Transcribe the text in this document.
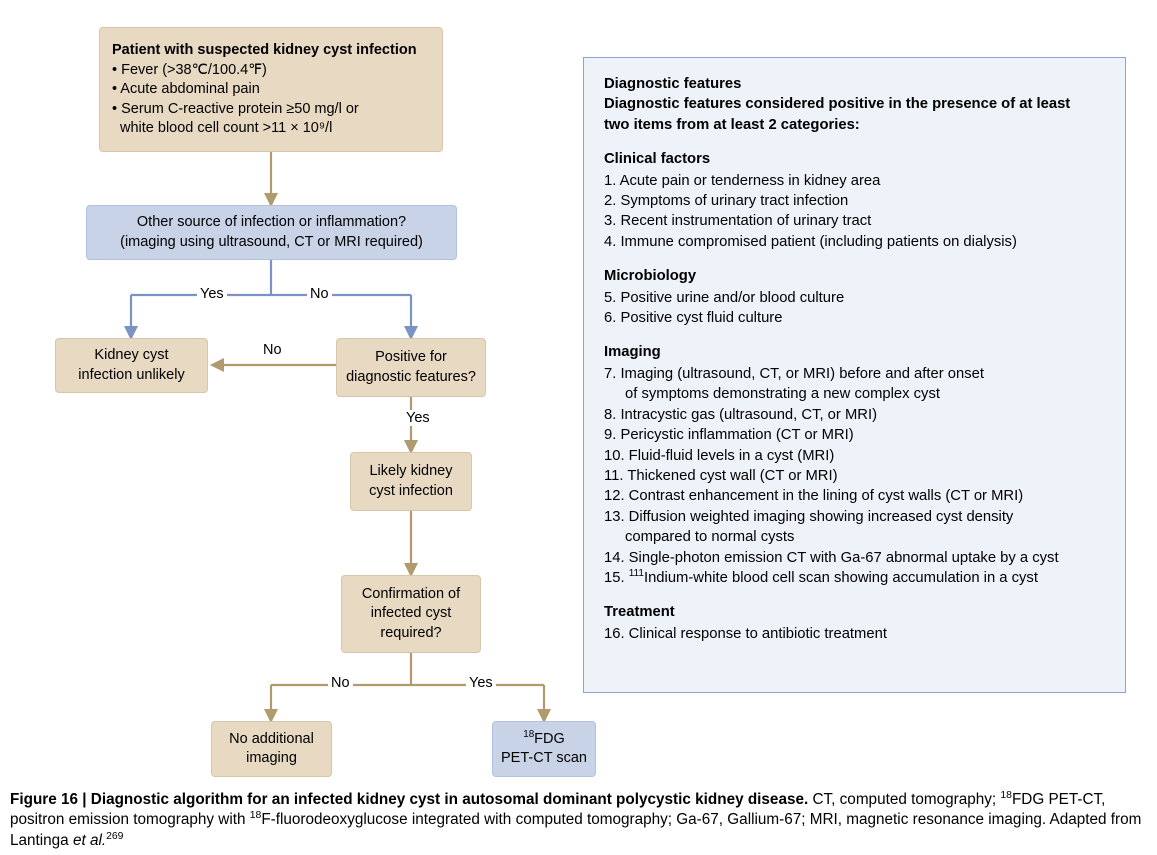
Patient with suspected kidney cyst infection
• Fever (>38℃/100.4℉)
• Acute abdominal pain
• Serum C-reactive protein ≥50 mg/l or
white blood cell count >11 × 10⁹/l
Other source of infection or inflammation?
(imaging using ultrasound, CT or MRI required)
Kidney cyst
infection unlikely
Positive for
diagnostic features?
Likely kidney
cyst infection
Confirmation of
infected cyst
required?
No additional
imaging
$^{18}$FDG
PET-CT scan
Yes	No
No
Yes
No	Yes
Diagnostic features
Diagnostic features considered positive in the presence of at least
two items from at least 2 categories:
Clinical factors
1. Acute pain or tenderness in kidney area
2. Symptoms of urinary tract infection
3. Recent instrumentation of urinary tract
4. Immune compromised patient (including patients on dialysis)
Microbiology
5. Positive urine and/or blood culture
6. Positive cyst fluid culture
Imaging
7. Imaging (ultrasound, CT, or MRI) before and after onset
of symptoms demonstrating a new complex cyst
8. Intracystic gas (ultrasound, CT, or MRI)
9. Pericystic inflammation (CT or MRI)
10. Fluid-fluid levels in a cyst (MRI)
11. Thickened cyst wall (CT or MRI)
12. Contrast enhancement in the lining of cyst walls (CT or MRI)
13. Diffusion weighted imaging showing increased cyst density
compared to normal cysts
14. Single-photon emission CT with Ga-67 abnormal uptake by a cyst
15. $^{111}$Indium-white blood cell scan showing accumulation in a cyst
Treatment
16. Clinical response to antibiotic treatment
Figure 16 | Diagnostic algorithm for an infected kidney cyst in autosomal dominant polycystic kidney disease. CT, computed tomography; $^{18}$FDG PET-CT, positron emission tomography with $^{18}$F-fluorodeoxyglucose integrated with computed tomography; Ga-67, Gallium-67; MRI, magnetic resonance imaging. Adapted from Lantinga et al.$^{269}$
